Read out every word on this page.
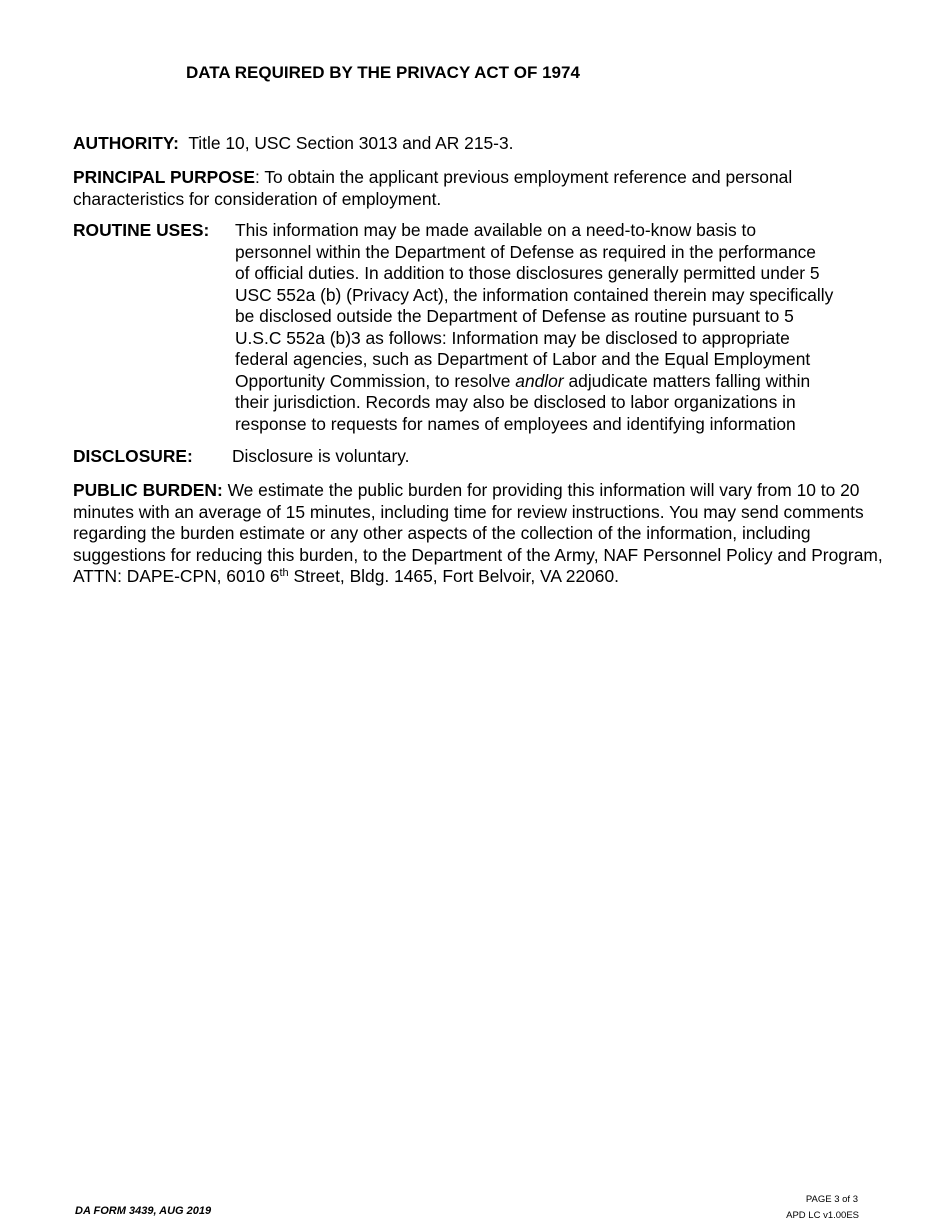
DATA REQUIRED BY THE PRIVACY ACT OF 1974

AUTHORITY: Title 10, USC Section 3013 and AR 215-3.

PRINCIPAL PURPOSE: To obtain the applicant previous employment reference and personal characteristics for consideration of employment.

ROUTINE USES: This information may be made available on a need-to-know basis to
personnel within the Department of Defense as required in the performance
of official duties. In addition to those disclosures generally permitted under 5
USC 552a (b) (Privacy Act), the information contained therein may specifically
be disclosed outside the Department of Defense as routine pursuant to 5
U.S.C 552a (b)3 as follows: Information may be disclosed to appropriate
federal agencies, such as Department of Labor and the Equal Employment
Opportunity Commission, to resolve andlor adjudicate matters falling within
their jurisdiction. Records may also be disclosed to labor organizations in
response to requests for names of employees and identifying information
DISCLOSURE: Disclosure is voluntary.

PUBLIC BURDEN: We estimate the public burden for providing this information will vary from 10 to 20 minutes with an average of 15 minutes, including time for review instructions. You may send comments regarding the burden estimate or any other aspects of the collection of the information, including suggestions for reducing this burden, to the Department of the Army, NAF Personnel Policy and Program, ATTN: DAPE-CPN, 6010 6th Street, Bldg. 1465, Fort Belvoir, VA 22060.

DA FORM 3439, AUG 2019
PAGE 3 of 3
APD LC v1.00ES
